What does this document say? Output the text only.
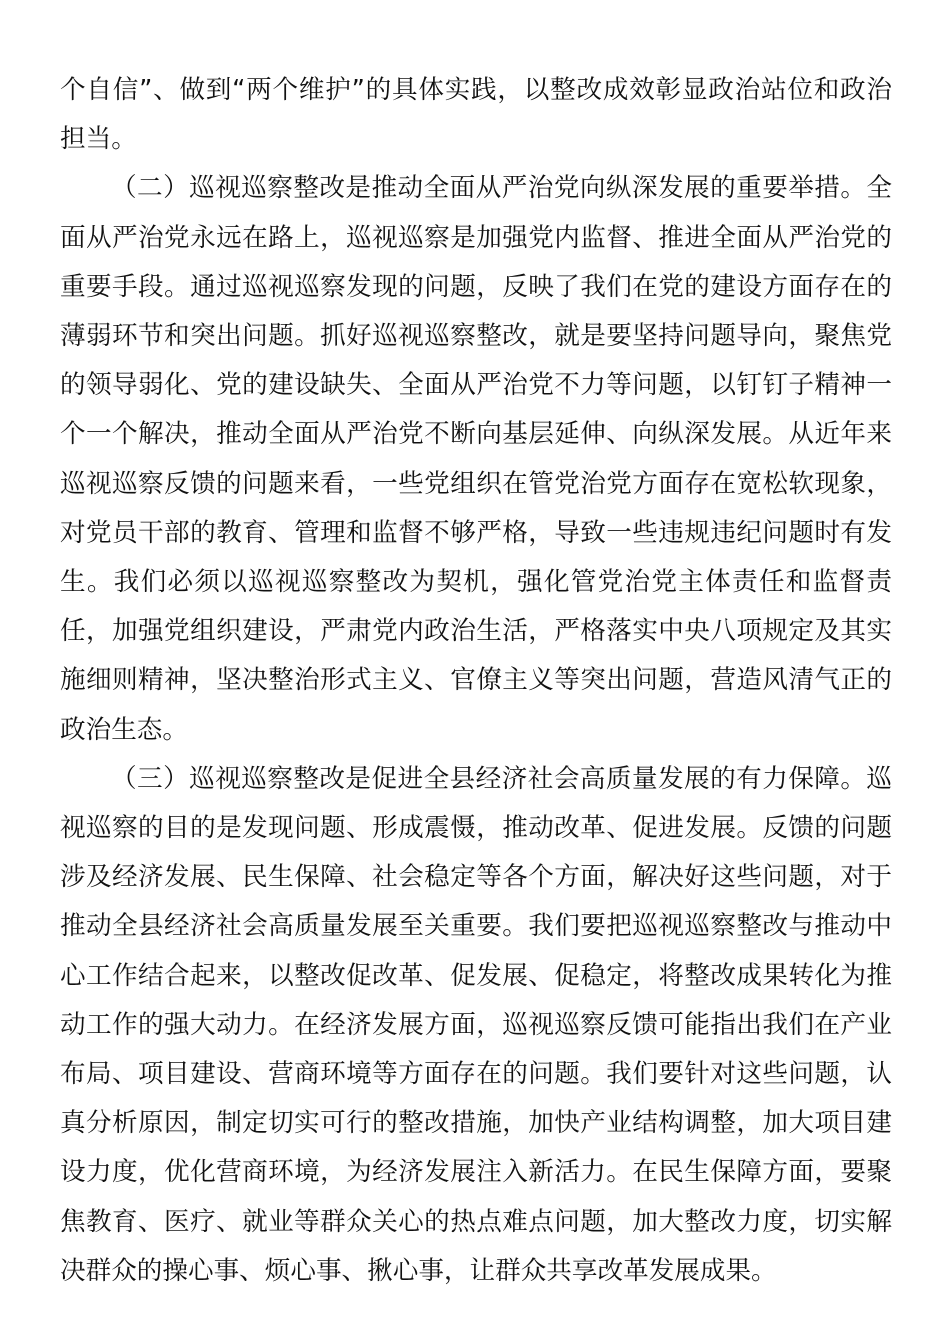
个自信”、做到“两个维护”的具体实践，以整改成效彰显政治站位和政治担当。

（二）巡视巡察整改是推动全面从严治党向纵深发展的重要举措。全面从严治党永远在路上，巡视巡察是加强党内监督、推进全面从严治党的重要手段。通过巡视巡察发现的问题，反映了我们在党的建设方面存在的薄弱环节和突出问题。抓好巡视巡察整改，就是要坚持问题导向，聚焦党的领导弱化、党的建设缺失、全面从严治党不力等问题，以钉钉子精神一个一个解决，推动全面从严治党不断向基层延伸、向纵深发展。从近年来巡视巡察反馈的问题来看，一些党组织在管党治党方面存在宽松软现象，对党员干部的教育、管理和监督不够严格，导致一些违规违纪问题时有发生。我们必须以巡视巡察整改为契机，强化管党治党主体责任和监督责任，加强党组织建设，严肃党内政治生活，严格落实中央八项规定及其实施细则精神，坚决整治形式主义、官僚主义等突出问题，营造风清气正的政治生态。

（三）巡视巡察整改是促进全县经济社会高质量发展的有力保障。巡视巡察的目的是发现问题、形成震慑，推动改革、促进发展。反馈的问题涉及经济发展、民生保障、社会稳定等各个方面，解决好这些问题，对于推动全县经济社会高质量发展至关重要。我们要把巡视巡察整改与推动中心工作结合起来，以整改促改革、促发展、促稳定，将整改成果转化为推动工作的强大动力。在经济发展方面，巡视巡察反馈可能指出我们在产业布局、项目建设、营商环境等方面存在的问题。我们要针对这些问题，认真分析原因，制定切实可行的整改措施，加快产业结构调整，加大项目建设力度，优化营商环境，为经济发展注入新活力。在民生保障方面，要聚焦教育、医疗、就业等群众关心的热点难点问题，加大整改力度，切实解决群众的操心事、烦心事、揪心事，让群众共享改革发展成果。
